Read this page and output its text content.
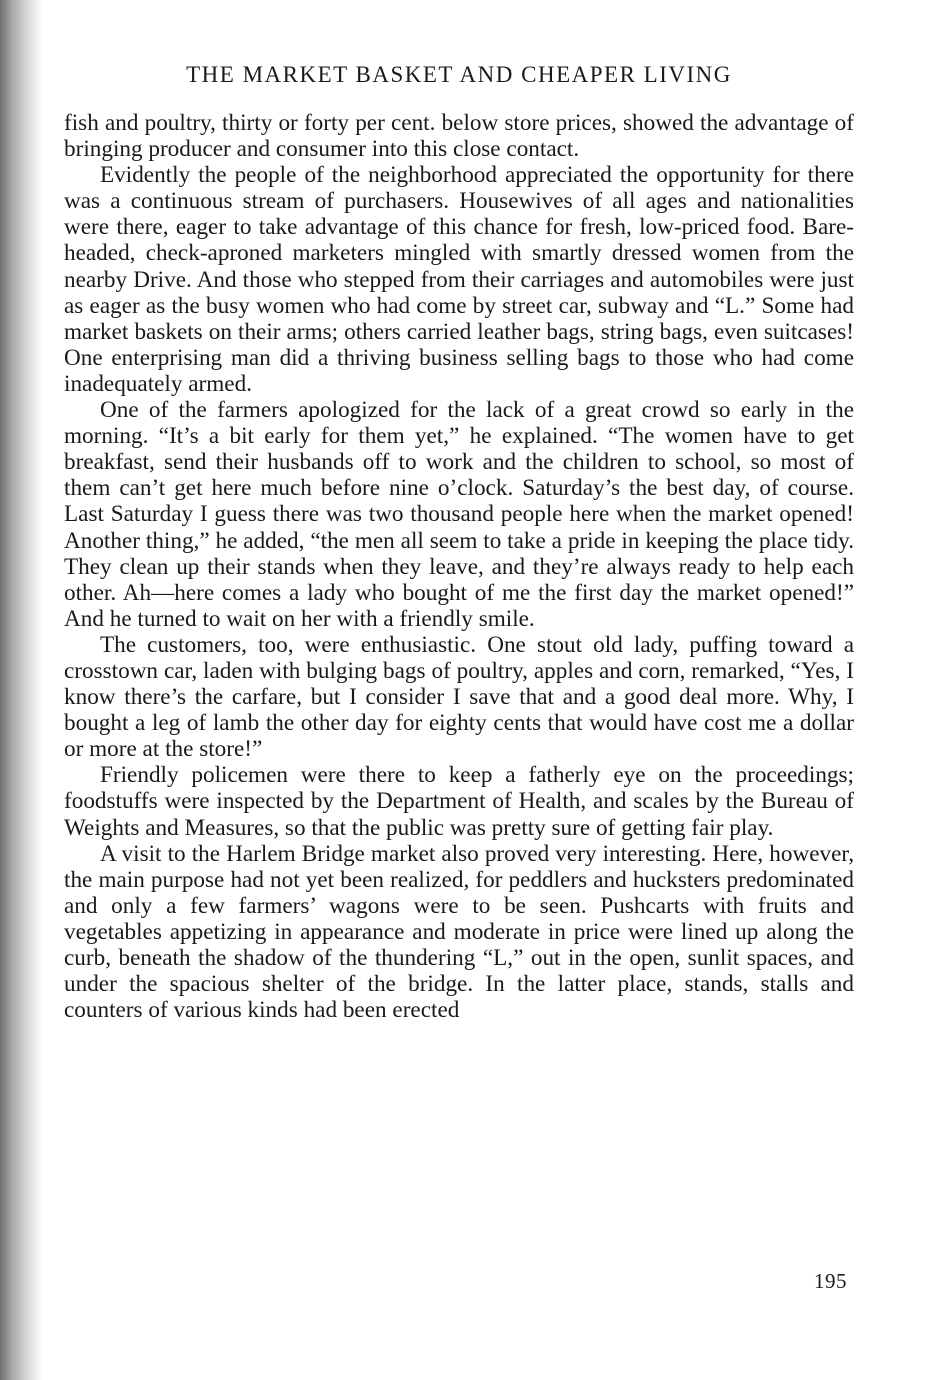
THE MARKET BASKET AND CHEAPER LIVING

fish and poultry, thirty or forty per cent. below store prices, showed the advantage of bringing producer and consumer into this close contact.

Evidently the people of the neighborhood appreciated the opportunity for there was a continuous stream of purchasers. Housewives of all ages and nationalities were there, eager to take advantage of this chance for fresh, low-priced food. Bare-headed, check-aproned marketers mingled with smartly dressed women from the nearby Drive. And those who stepped from their carriages and automobiles were just as eager as the busy women who had come by street car, subway and “L.” Some had market baskets on their arms; others carried leather bags, string bags, even suitcases! One enterprising man did a thriving business selling bags to those who had come inadequately armed.

One of the farmers apologized for the lack of a great crowd so early in the morning. “It’s a bit early for them yet,” he explained. “The women have to get breakfast, send their husbands off to work and the children to school, so most of them can’t get here much before nine o’clock. Saturday’s the best day, of course. Last Saturday I guess there was two thousand people here when the market opened! Another thing,” he added, “the men all seem to take a pride in keeping the place tidy. They clean up their stands when they leave, and they’re always ready to help each other. Ah—here comes a lady who bought of me the first day the market opened!” And he turned to wait on her with a friendly smile.

The customers, too, were enthusiastic. One stout old lady, puffing toward a crosstown car, laden with bulging bags of poultry, apples and corn, remarked, “Yes, I know there’s the carfare, but I consider I save that and a good deal more. Why, I bought a leg of lamb the other day for eighty cents that would have cost me a dollar or more at the store!”

Friendly policemen were there to keep a fatherly eye on the proceedings; foodstuffs were inspected by the Department of Health, and scales by the Bureau of Weights and Measures, so that the public was pretty sure of getting fair play.

A visit to the Harlem Bridge market also proved very interesting. Here, however, the main purpose had not yet been realized, for peddlers and hucksters predominated and only a few farmers’ wagons were to be seen. Pushcarts with fruits and vegetables appetizing in appearance and moderate in price were lined up along the curb, beneath the shadow of the thundering “L,” out in the open, sunlit spaces, and under the spacious shelter of the bridge. In the latter place, stands, stalls and counters of various kinds had been erected

195
